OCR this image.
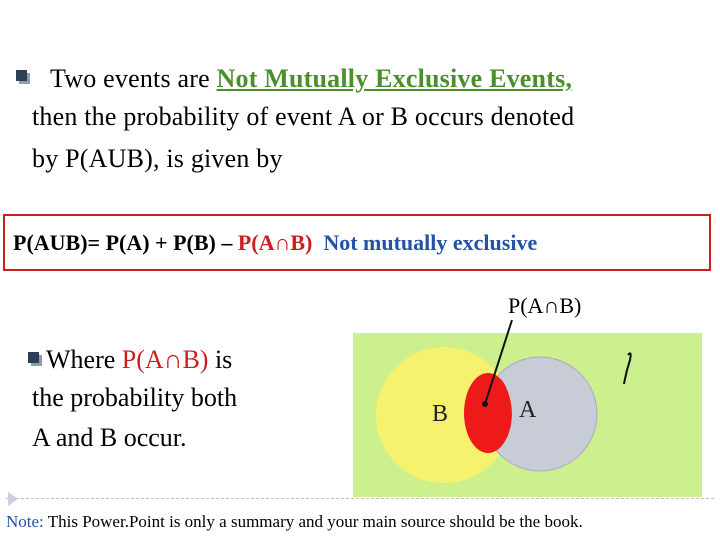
Two events are Not Mutually Exclusive Events,
then the probability of event A or B occurs denoted
by P(AUB), is given by
P(AUB)= P(A) + P(B) – P(A∩B) Not mutually exclusive
Where P(A∩B) is
the probability both
A and B occur.
P(A∩B)
B	A
Note: This Power.Point is only a summary and your main source should be the book.
